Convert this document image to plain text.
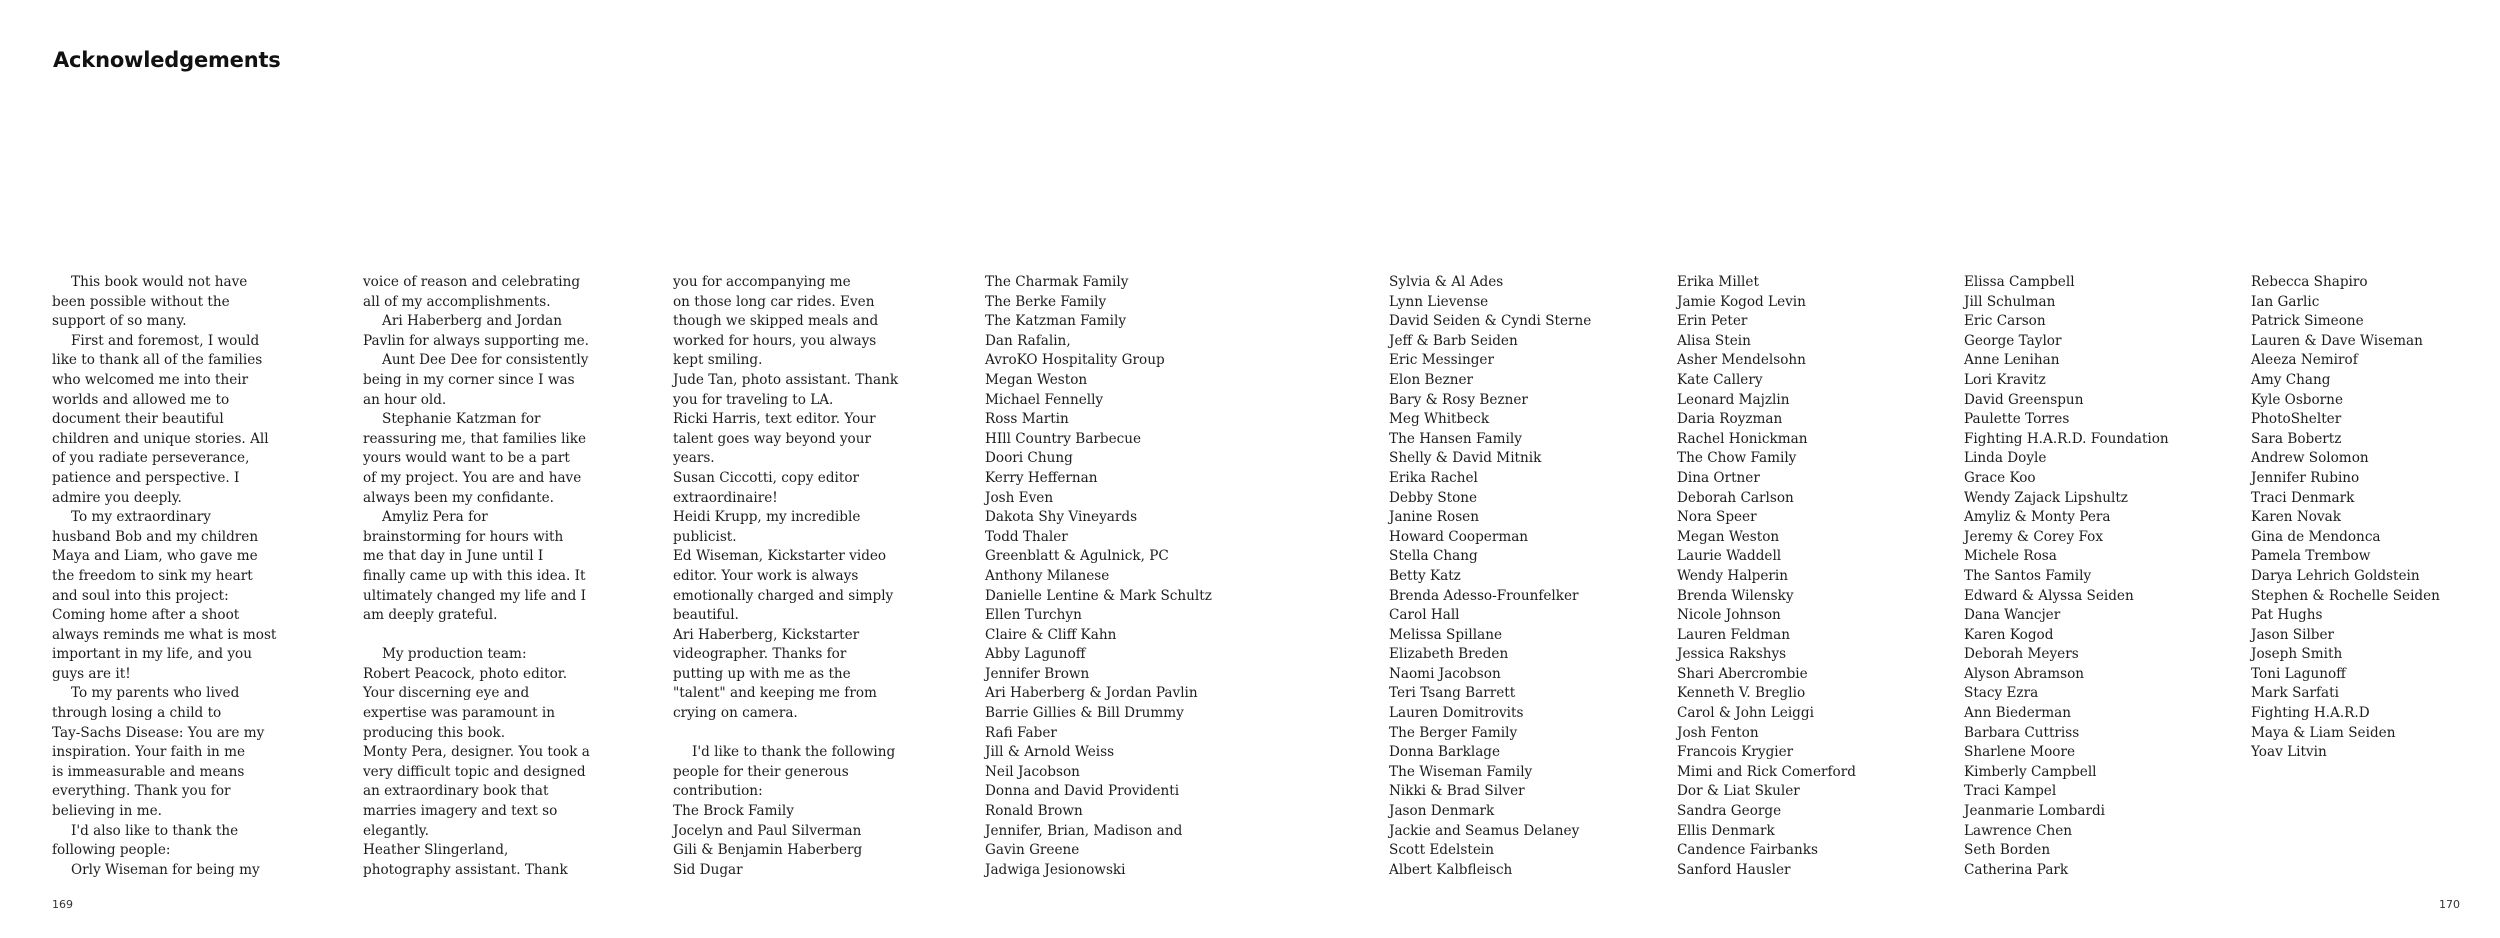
Acknowledgements
This book would not have
been possible without the
support of so many.
First and foremost, I would
like to thank all of the families
who welcomed me into their
worlds and allowed me to
document their beautiful
children and unique stories. All
of you radiate perseverance,
patience and perspective. I
admire you deeply.
To my extraordinary
husband Bob and my children
Maya and Liam, who gave me
the freedom to sink my heart
and soul into this project:
Coming home after a shoot
always reminds me what is most
important in my life, and you
guys are it!
To my parents who lived
through losing a child to
Tay-Sachs Disease: You are my
inspiration. Your faith in me
is immeasurable and means
everything. Thank you for
believing in me.
I'd also like to thank the
following people:
Orly Wiseman for being my
voice of reason and celebrating
all of my accomplishments.
Ari Haberberg and Jordan
Pavlin for always supporting me.
Aunt Dee Dee for consistently
being in my corner since I was
an hour old.
Stephanie Katzman for
reassuring me, that families like
yours would want to be a part
of my project. You are and have
always been my confidante.
Amyliz Pera for
brainstorming for hours with
me that day in June until I
finally came up with this idea. It
ultimately changed my life and I
am deeply grateful.
My production team:
Robert Peacock, photo editor.
Your discerning eye and
expertise was paramount in
producing this book.
Monty Pera, designer. You took a
very difficult topic and designed
an extraordinary book that
marries imagery and text so
elegantly.
Heather Slingerland,
photography assistant. Thank
you for accompanying me
on those long car rides. Even
though we skipped meals and
worked for hours, you always
kept smiling.
Jude Tan, photo assistant. Thank
you for traveling to LA.
Ricki Harris, text editor. Your
talent goes way beyond your
years.
Susan Ciccotti, copy editor
extraordinaire!
Heidi Krupp, my incredible
publicist.
Ed Wiseman, Kickstarter video
editor. Your work is always
emotionally charged and simply
beautiful.
Ari Haberberg, Kickstarter
videographer. Thanks for
putting up with me as the
"talent" and keeping me from
crying on camera.
I'd like to thank the following
people for their generous
contribution:
The Brock Family
Jocelyn and Paul Silverman
Gili & Benjamin Haberberg
Sid Dugar
The Charmak Family
The Berke Family
The Katzman Family
Dan Rafalin,
AvroKO Hospitality Group
Megan Weston
Michael Fennelly
Ross Martin
HIll Country Barbecue
Doori Chung
Kerry Heffernan
Josh Even
Dakota Shy Vineyards
Todd Thaler
Greenblatt & Agulnick, PC
Anthony Milanese
Danielle Lentine & Mark Schultz
Ellen Turchyn
Claire & Cliff Kahn
Abby Lagunoff
Jennifer Brown
Ari Haberberg & Jordan Pavlin
Barrie Gillies & Bill Drummy
Rafi Faber
Jill & Arnold Weiss
Neil Jacobson
Donna and David Providenti
Ronald Brown
Jennifer, Brian, Madison and
Gavin Greene
Jadwiga Jesionowski
Sylvia & Al Ades
Lynn Lievense
David Seiden & Cyndi Sterne
Jeff & Barb Seiden
Eric Messinger
Elon Bezner
Bary & Rosy Bezner
Meg Whitbeck
The Hansen Family
Shelly & David Mitnik
Erika Rachel
Debby Stone
Janine Rosen
Howard Cooperman
Stella Chang
Betty Katz
Brenda Adesso-Frounfelker
Carol Hall
Melissa Spillane
Elizabeth Breden
Naomi Jacobson
Teri Tsang Barrett
Lauren Domitrovits
The Berger Family
Donna Barklage
The Wiseman Family
Nikki & Brad Silver
Jason Denmark
Jackie and Seamus Delaney
Scott Edelstein
Albert Kalbfleisch
Erika Millet
Jamie Kogod Levin
Erin Peter
Alisa Stein
Asher Mendelsohn
Kate Callery
Leonard Majzlin
Daria Royzman
Rachel Honickman
The Chow Family
Dina Ortner
Deborah Carlson
Nora Speer
Megan Weston
Laurie Waddell
Wendy Halperin
Brenda Wilensky
Nicole Johnson
Lauren Feldman
Jessica Rakshys
Shari Abercrombie
Kenneth V. Breglio
Carol & John Leiggi
Josh Fenton
Francois Krygier
Mimi and Rick Comerford
Dor & Liat Skuler
Sandra George
Ellis Denmark
Candence Fairbanks
Sanford Hausler
Elissa Campbell
Jill Schulman
Eric Carson
George Taylor
Anne Lenihan
Lori Kravitz
David Greenspun
Paulette Torres
Fighting H.A.R.D. Foundation
Linda Doyle
Grace Koo
Wendy Zajack Lipshultz
Amyliz & Monty Pera
Jeremy & Corey Fox
Michele Rosa
The Santos Family
Edward & Alyssa Seiden
Dana Wancjer
Karen Kogod
Deborah Meyers
Alyson Abramson
Stacy Ezra
Ann Biederman
Barbara Cuttriss
Sharlene Moore
Kimberly Campbell
Traci Kampel
Jeanmarie Lombardi
Lawrence Chen
Seth Borden
Catherina Park
Rebecca Shapiro
Ian Garlic
Patrick Simeone
Lauren & Dave Wiseman
Aleeza Nemirof
Amy Chang
Kyle Osborne
PhotoShelter
Sara Bobertz
Andrew Solomon
Jennifer Rubino
Traci Denmark
Karen Novak
Gina de Mendonca
Pamela Trembow
Darya Lehrich Goldstein
Stephen & Rochelle Seiden
Pat Hughs
Jason Silber
Joseph Smith
Toni Lagunoff
Mark Sarfati
Fighting H.A.R.D
Maya & Liam Seiden
Yoav Litvin
169	170
